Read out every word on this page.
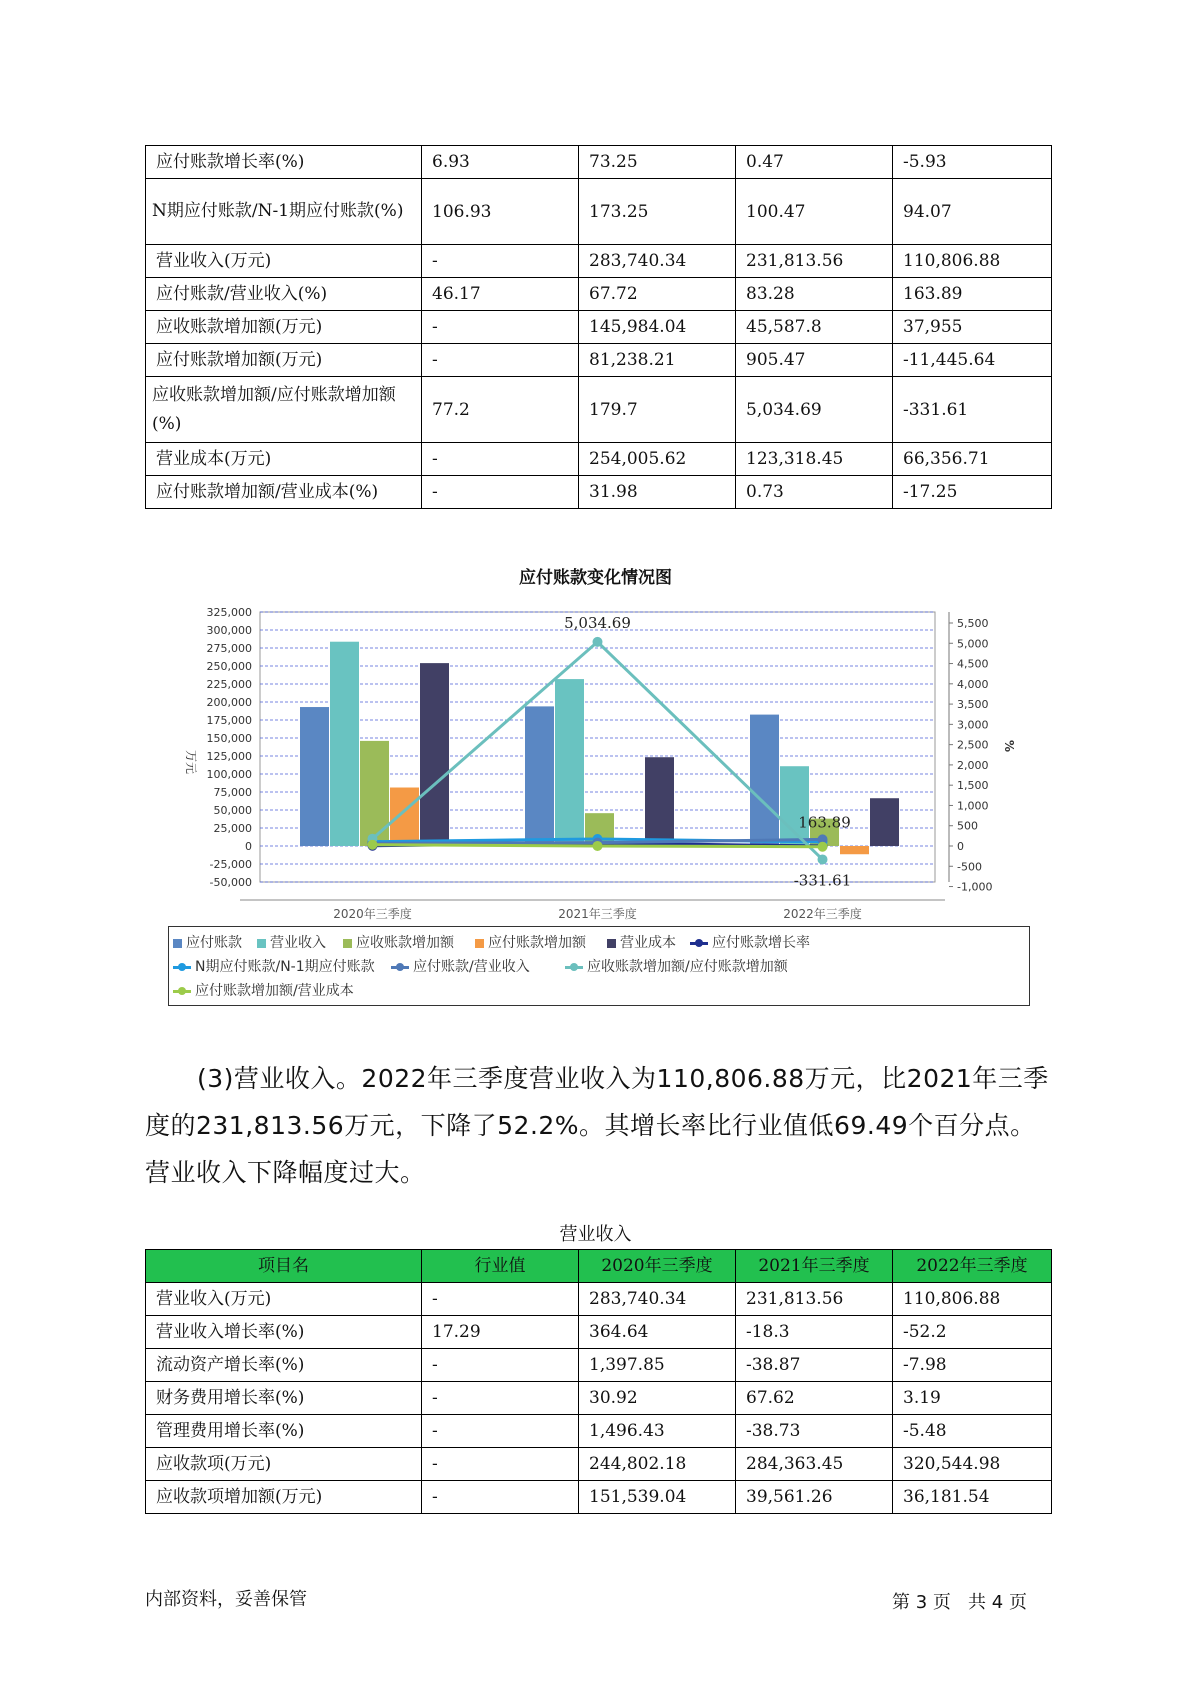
应付账款增长率(%)	6.93	73.25	0.47	-5.93
N期应付账款/N-1期应付账款(%)	106.93	173.25	100.47	94.07
营业收入(万元)	-	283,740.34	231,813.56	110,806.88
应付账款/营业收入(%)	46.17	67.72	83.28	163.89
应收账款增加额(万元)	-	145,984.04	45,587.8	37,955
应付账款增加额(万元)	-	81,238.21	905.47	-11,445.64
应收账款增加额/应付账款增加额(%)	77.2	179.7	5,034.69	-331.61
营业成本(万元)	-	254,005.62	123,318.45	66,356.71
应付账款增加额/营业成本(%)	-	31.98	0.73	-17.25
应付账款变化情况图
325,000
300,000
275,000
250,000
225,000
200,000
175,000
150,000
125,000
100,000
75,000
50,000
25,000
0
-25,000
-50,000
5,500
5,000
4,500
4,000
3,500
3,000
2,500
2,000
1,500
1,000
500
0
-500
-1,000
万元
%
2020年三季度	2021年三季度	2022年三季度
5,034.69
-331.61
163.89
应付账款	营业收入	应收账款增加额	应付账款增加额	营业成本	应付账款增长率
N期应付账款/N-1期应付账款	应付账款/营业收入	应收账款增加额/应付账款增加额
应付账款增加额/营业成本
(3)营业收入。2022年三季度营业收入为110,806.88万元，比2021年三季度的231,813.56万元，下降了52.2%。其增长率比行业值低69.49个百分点。营业收入下降幅度过大。
营业收入
项目名	行业值	2020年三季度	2021年三季度	2022年三季度
营业收入(万元)	-	283,740.34	231,813.56	110,806.88
营业收入增长率(%)	17.29	364.64	-18.3	-52.2
流动资产增长率(%)	-	1,397.85	-38.87	-7.98
财务费用增长率(%)	-	30.92	67.62	3.19
管理费用增长率(%)	-	1,496.43	-38.73	-5.48
应收款项(万元)	-	244,802.18	284,363.45	320,544.98
应收款项增加额(万元)	-	151,539.04	39,561.26	36,181.54
内部资料，妥善保管	第 3 页   共 4 页
